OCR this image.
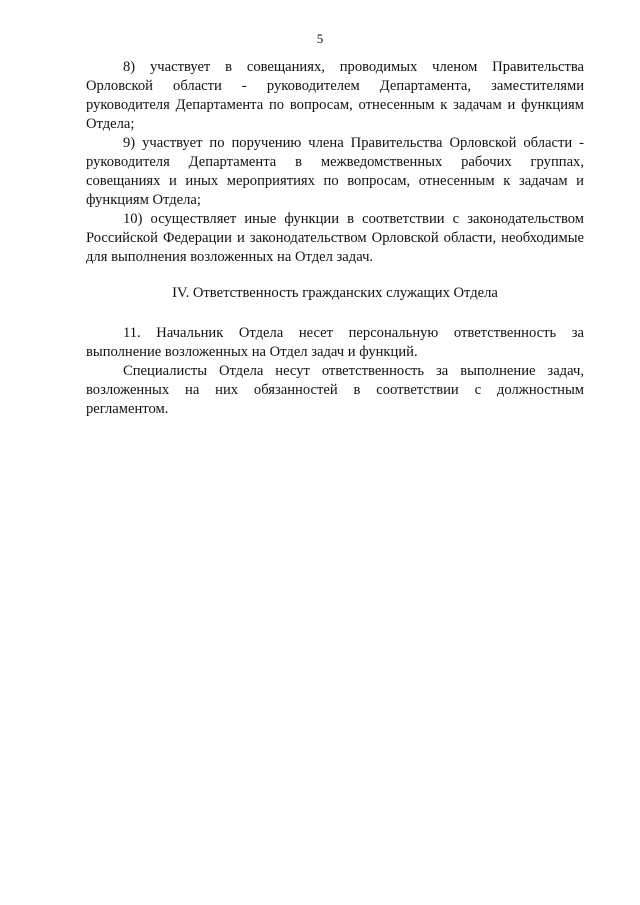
5

8) участвует в совещаниях, проводимых членом Правительства Орловской области - руководителем Департамента, заместителями руководителя Департамента по вопросам, отнесенным к задачам и функциям Отдела;

9) участвует по поручению члена Правительства Орловской области - руководителя Департамента в межведомственных рабочих группах, совещаниях и иных мероприятиях по вопросам, отнесенным к задачам и функциям Отдела;

10) осуществляет иные функции в соответствии с законодательством Российской Федерации и законодательством Орловской области, необходимые для выполнения возложенных на Отдел задач.

IV. Ответственность гражданских служащих Отдела

11. Начальник Отдела несет персональную ответственность за выполнение возложенных на Отдел задач и функций.

Специалисты Отдела несут ответственность за выполнение задач, возложенных на них обязанностей в соответствии с должностным регламентом.
